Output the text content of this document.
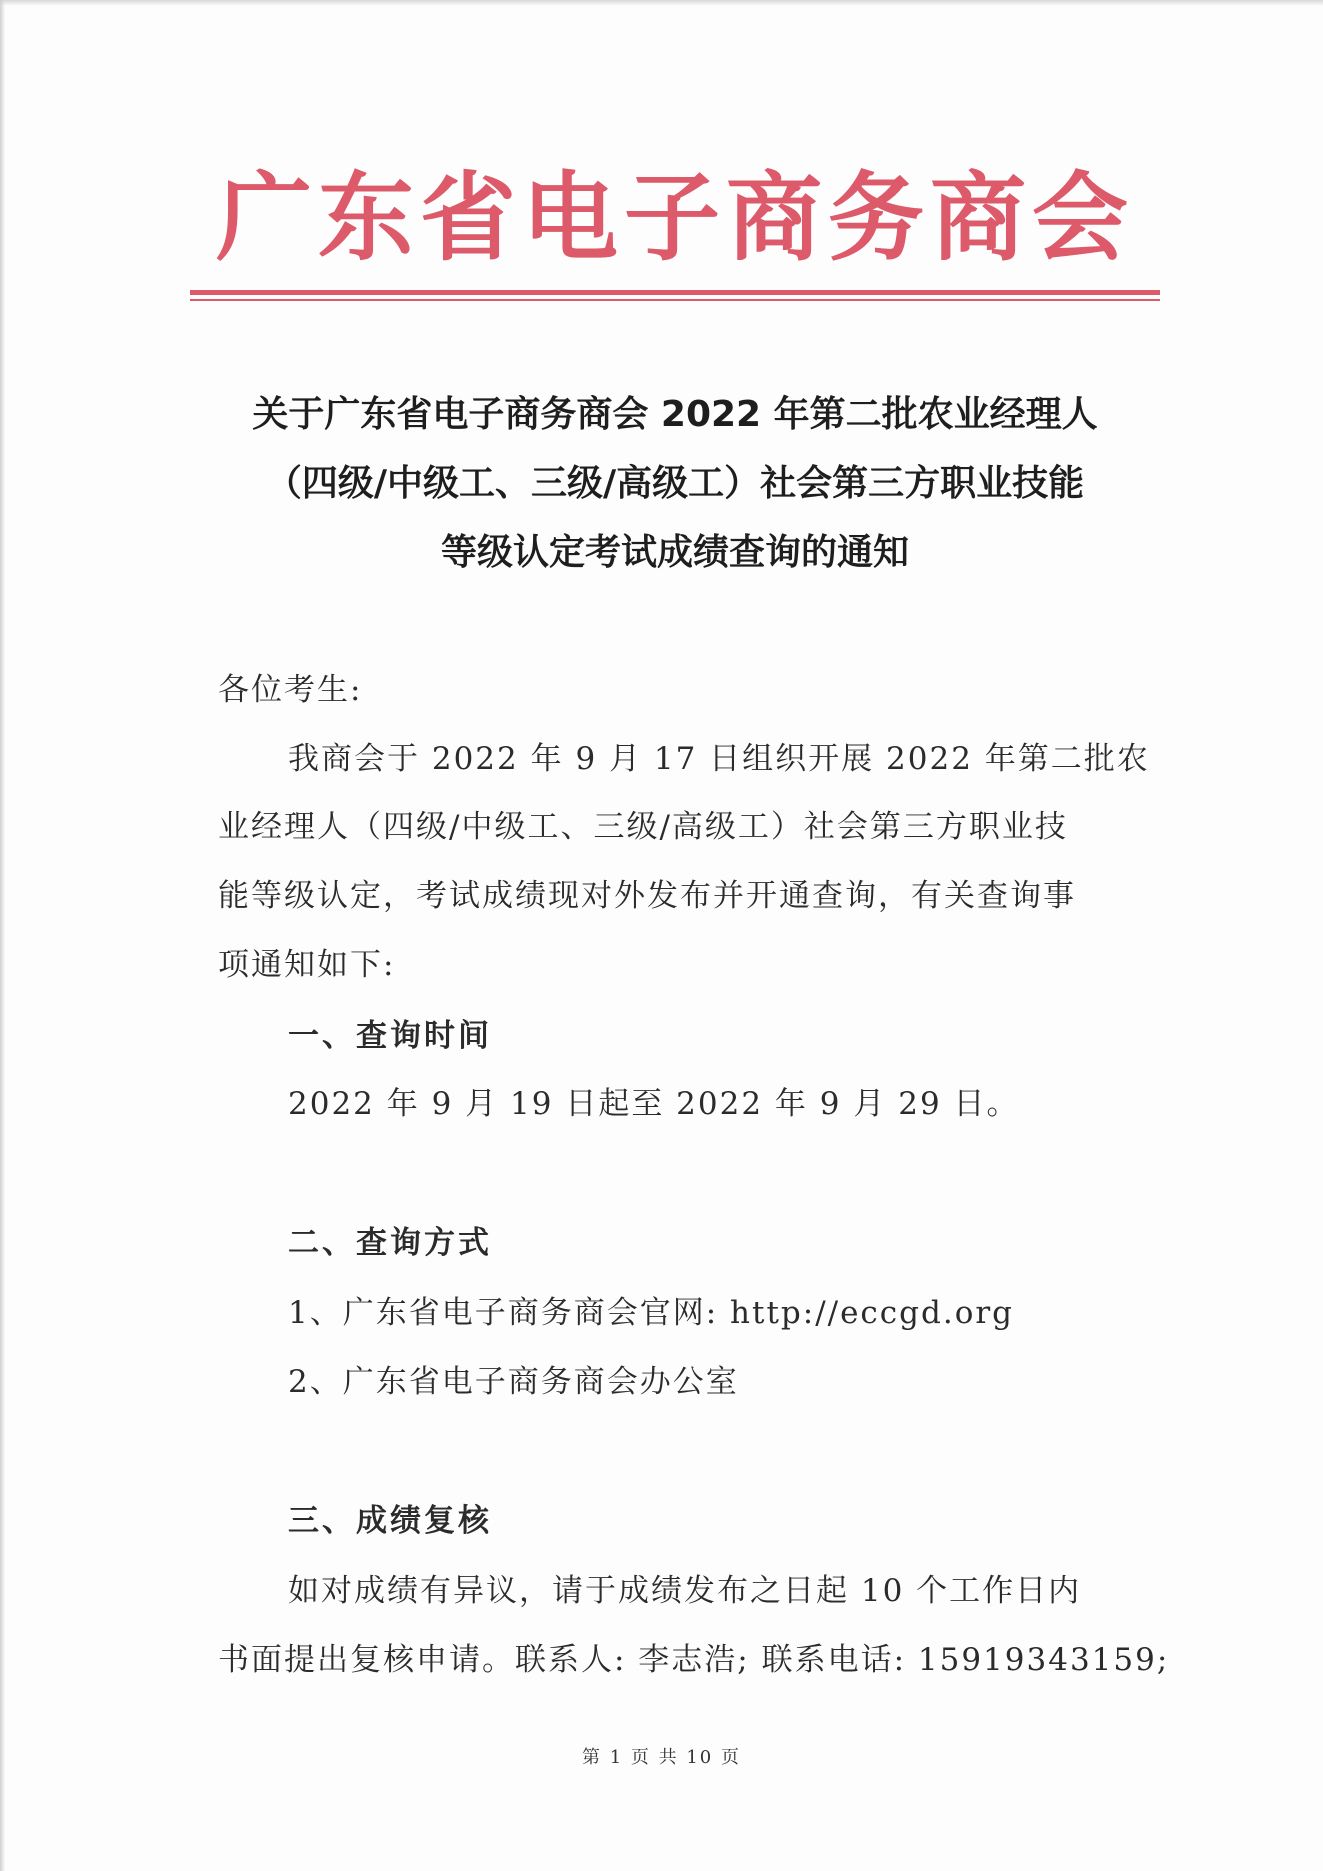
广东省电子商务商会
关于广东省电子商务商会 2022 年第二批农业经理人
（四级/中级工、三级/高级工）社会第三方职业技能
等级认定考试成绩查询的通知
各位考生:
我商会于 2022 年 9 月 17 日组织开展 2022 年第二批农
业经理人（四级/中级工、三级/高级工）社会第三方职业技
能等级认定，考试成绩现对外发布并开通查询，有关查询事
项通知如下:
一、查询时间
2022 年 9 月 19 日起至 2022 年 9 月 29 日。
二、查询方式
1、广东省电子商务商会官网: http://eccgd.org
2、广东省电子商务商会办公室
三、成绩复核
如对成绩有异议，请于成绩发布之日起 10 个工作日内
书面提出复核申请。联系人: 李志浩; 联系电话: 15919343159;
第 1 页 共 10 页
